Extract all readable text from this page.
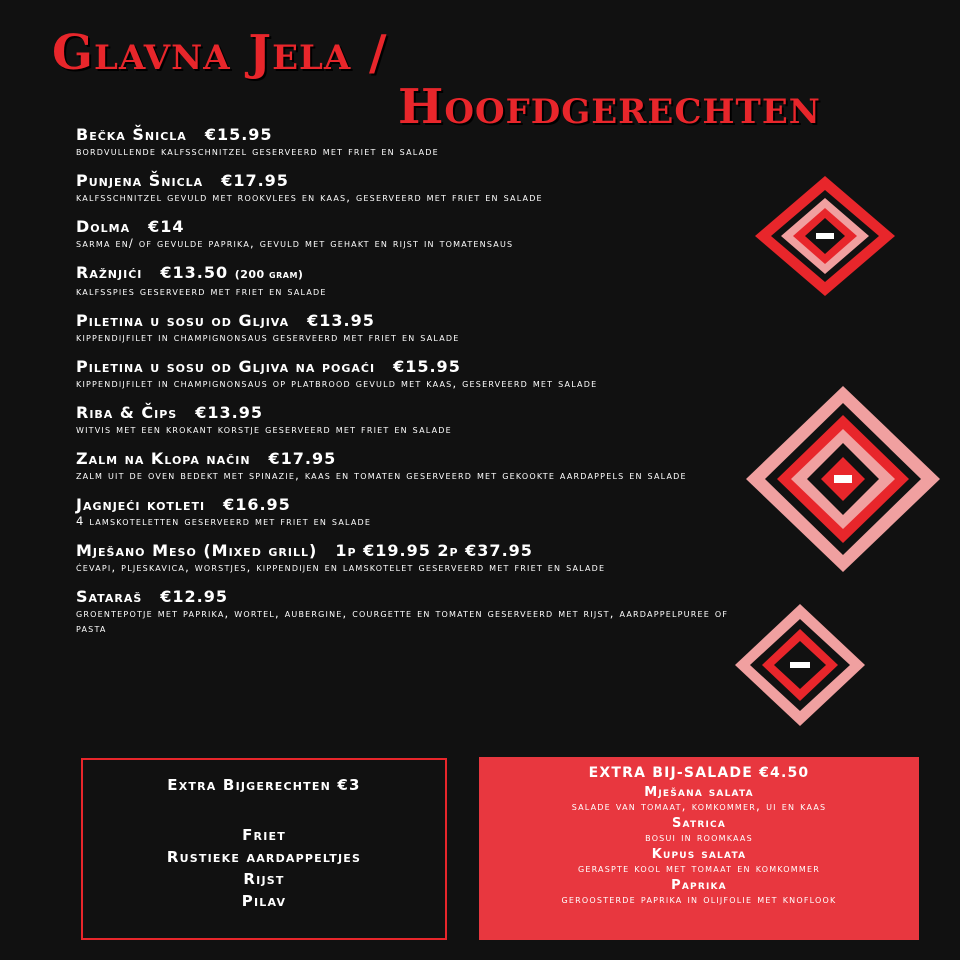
Glavna Jela /
Hoofdgerechten
Bečka Šnicla €15.95
bordvullende kalfsschnitzel geserveerd met friet en salade
Punjena Šnicla €17.95
kalfsschnitzel gevuld met rookvlees en kaas, geserveerd met friet en salade
Dolma €14
sarma en/ of gevulde paprika, gevuld met gehakt en rijst in tomatensaus
Ražnjići €13.50 (200 gram)
kalfsspies geserveerd met friet en salade
Piletina u sosu od Gljiva €13.95
kippendijfilet in champignonsaus geserveerd met friet en salade
Piletina u sosu od Gljiva na pogaći €15.95
kippendijfilet in champignonsaus op platbrood gevuld met kaas, geserveerd met salade
Riba & Čips €13.95
witvis met een krokant korstje geserveerd met friet en salade
Zalm na Klopa način €17.95
zalm uit de oven bedekt met spinazie, kaas en tomaten geserveerd met gekookte aardappels en salade
Jagnjeći kotleti €16.95
4 lamskoteletten geserveerd met friet en salade
Mješano Meso (Mixed grill) 1p €19.95 2p €37.95
ćevapi, pljeskavica, worstjes, kippendijen en lamskotelet geserveerd met friet en salade
Sataraš €12.95
groentepotje met paprika, wortel, aubergine, courgette en tomaten geserveerd met rijst, aardappelpuree of pasta
Extra Bijgerechten €3
Friet
Rustieke aardappeltjes
Rijst
Pilav
EXTRA BIJ-SALADE €4.50
Mješana salata
salade van tomaat, komkommer, ui en kaas
Satrica
bosui in roomkaas
Kupus salata
geraspte kool met tomaat en komkommer
Paprika
geroosterde paprika in olijfolie met knoflook
